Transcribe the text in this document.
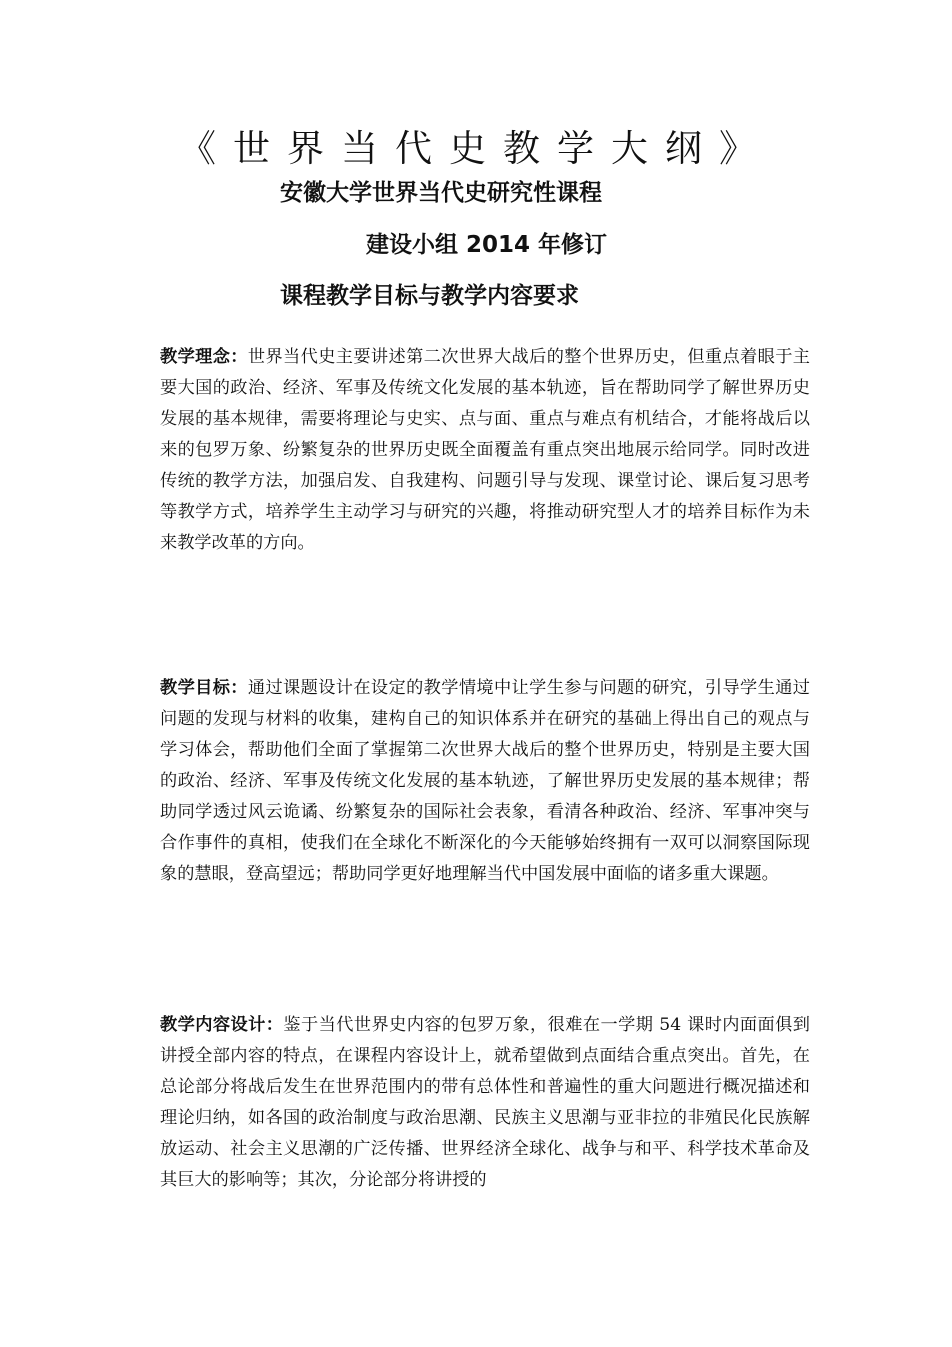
《世界当代史教学大纲》
安徽大学世界当代史研究性课程
建设小组 2014 年修订
课程教学目标与教学内容要求
教学理念：世界当代史主要讲述第二次世界大战后的整个世界历史，但重点着眼于主要大国的政治、经济、军事及传统文化发展的基本轨迹，旨在帮助同学了解世界历史发展的基本规律，需要将理论与史实、点与面、重点与难点有机结合，才能将战后以来的包罗万象、纷繁复杂的世界历史既全面覆盖有重点突出地展示给同学。同时改进传统的教学方法，加强启发、自我建构、问题引导与发现、课堂讨论、课后复习思考等教学方式，培养学生主动学习与研究的兴趣，将推动研究型人才的培养目标作为未来教学改革的方向。
教学目标：通过课题设计在设定的教学情境中让学生参与问题的研究，引导学生通过问题的发现与材料的收集，建构自己的知识体系并在研究的基础上得出自己的观点与学习体会，帮助他们全面了掌握第二次世界大战后的整个世界历史，特别是主要大国的政治、经济、军事及传统文化发展的基本轨迹，了解世界历史发展的基本规律；帮助同学透过风云诡谲、纷繁复杂的国际社会表象，看清各种政治、经济、军事冲突与合作事件的真相，使我们在全球化不断深化的今天能够始终拥有一双可以洞察国际现象的慧眼，登高望远；帮助同学更好地理解当代中国发展中面临的诸多重大课题。
教学内容设计：鉴于当代世界史内容的包罗万象，很难在一学期 54 课时内面面俱到讲授全部内容的特点，在课程内容设计上，就希望做到点面结合重点突出。首先，在总论部分将战后发生在世界范围内的带有总体性和普遍性的重大问题进行概况描述和理论归纳，如各国的政治制度与政治思潮、民族主义思潮与亚非拉的非殖民化民族解放运动、社会主义思潮的广泛传播、世界经济全球化、战争与和平、科学技术革命及其巨大的影响等；其次，分论部分将讲授的
